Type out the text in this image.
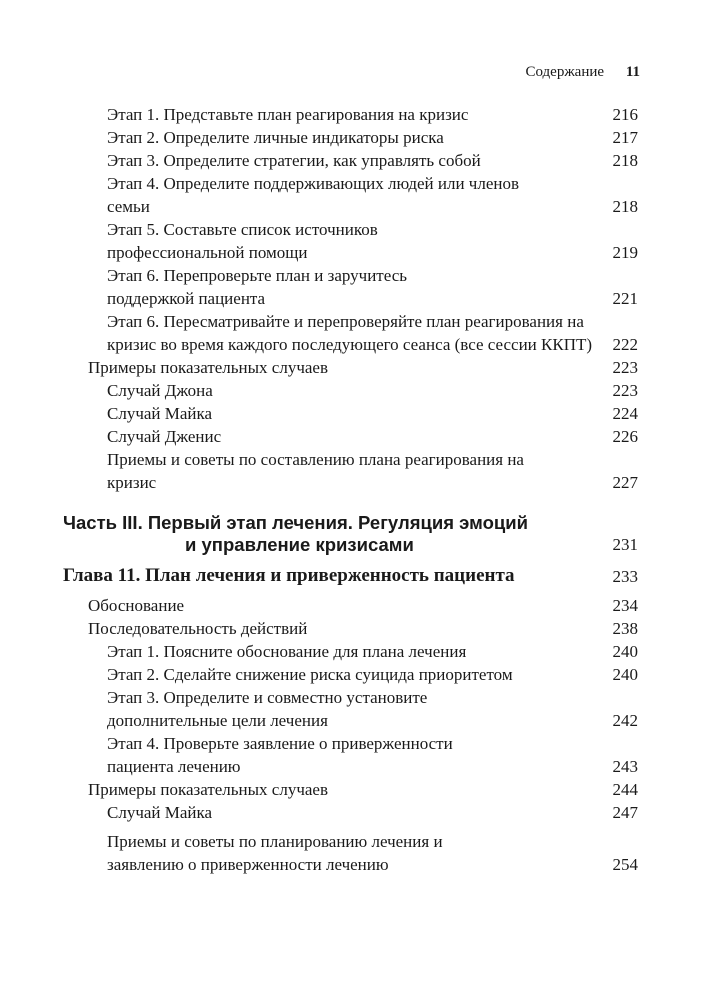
Содержание 11
Этап 1. Представьте план реагирования на кризис	216
Этап 2. Определите личные индикаторы риска	217
Этап 3. Определите стратегии, как управлять собой	218
Этап 4. Определите поддерживающих людей или членов семьи	218
Этап 5. Составьте список источников профессиональной помощи	219
Этап 6. Перепроверьте план и заручитесь поддержкой пациента	221
Этап 6. Пересматривайте и перепроверяйте план реагирования на кризис во время каждого последующего сеанса (все сессии ККПТ) 222
Примеры показательных случаев	223
Случай Джона	223
Случай Майка	224
Случай Дженис	226
Приемы и советы по составлению плана реагирования на кризис	227
Часть III. Первый этап лечения. Регуляция эмоций
и управление кризисами	231
Глава 11. План лечения и приверженность пациента	233
Обоснование	234
Последовательность действий	238
Этап 1. Поясните обоснование для плана лечения	240
Этап 2. Сделайте снижение риска суицида приоритетом	240
Этап 3. Определите и совместно установите дополнительные цели лечения	242
Этап 4. Проверьте заявление о приверженности пациента лечению	243
Примеры показательных случаев	244
Случай Майка	247
Приемы и советы по планированию лечения и заявлению о приверженности лечению	254
